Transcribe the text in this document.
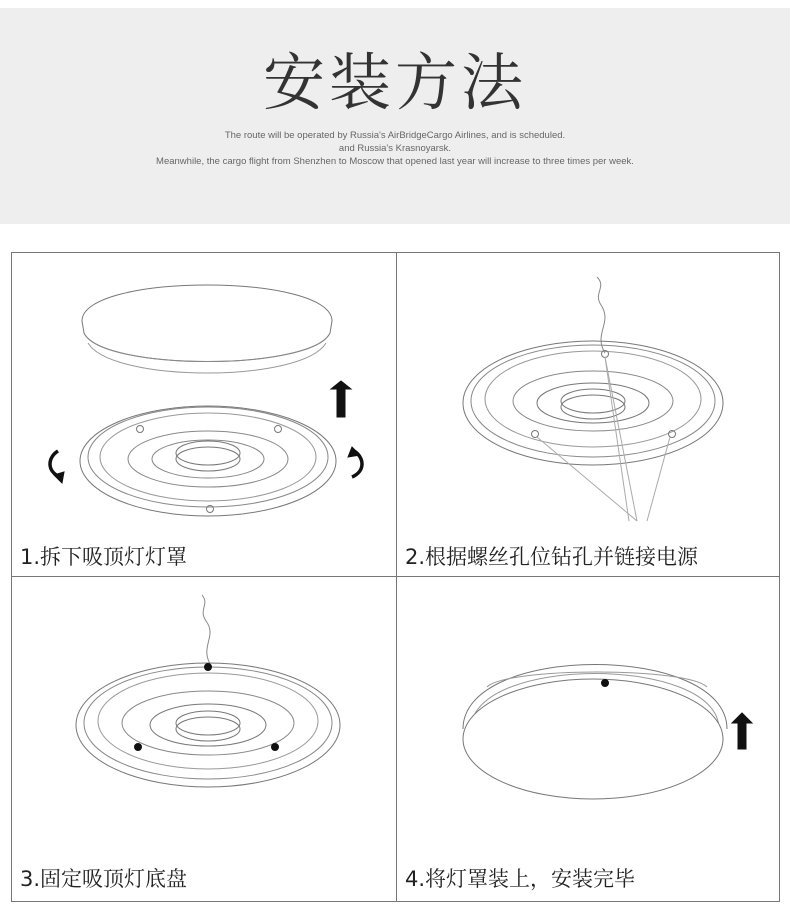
安装方法
The route will be operated by Russia's AirBridgeCargo Airlines, and is scheduled.
and Russia's Krasnoyarsk.
Meanwhile, the cargo flight from Shenzhen to Moscow that opened last year will increase to three times per week.
1.拆下吸顶灯灯罩	2.根据螺丝孔位钻孔并链接电源
3.固定吸顶灯底盘	4.将灯罩装上，安装完毕
